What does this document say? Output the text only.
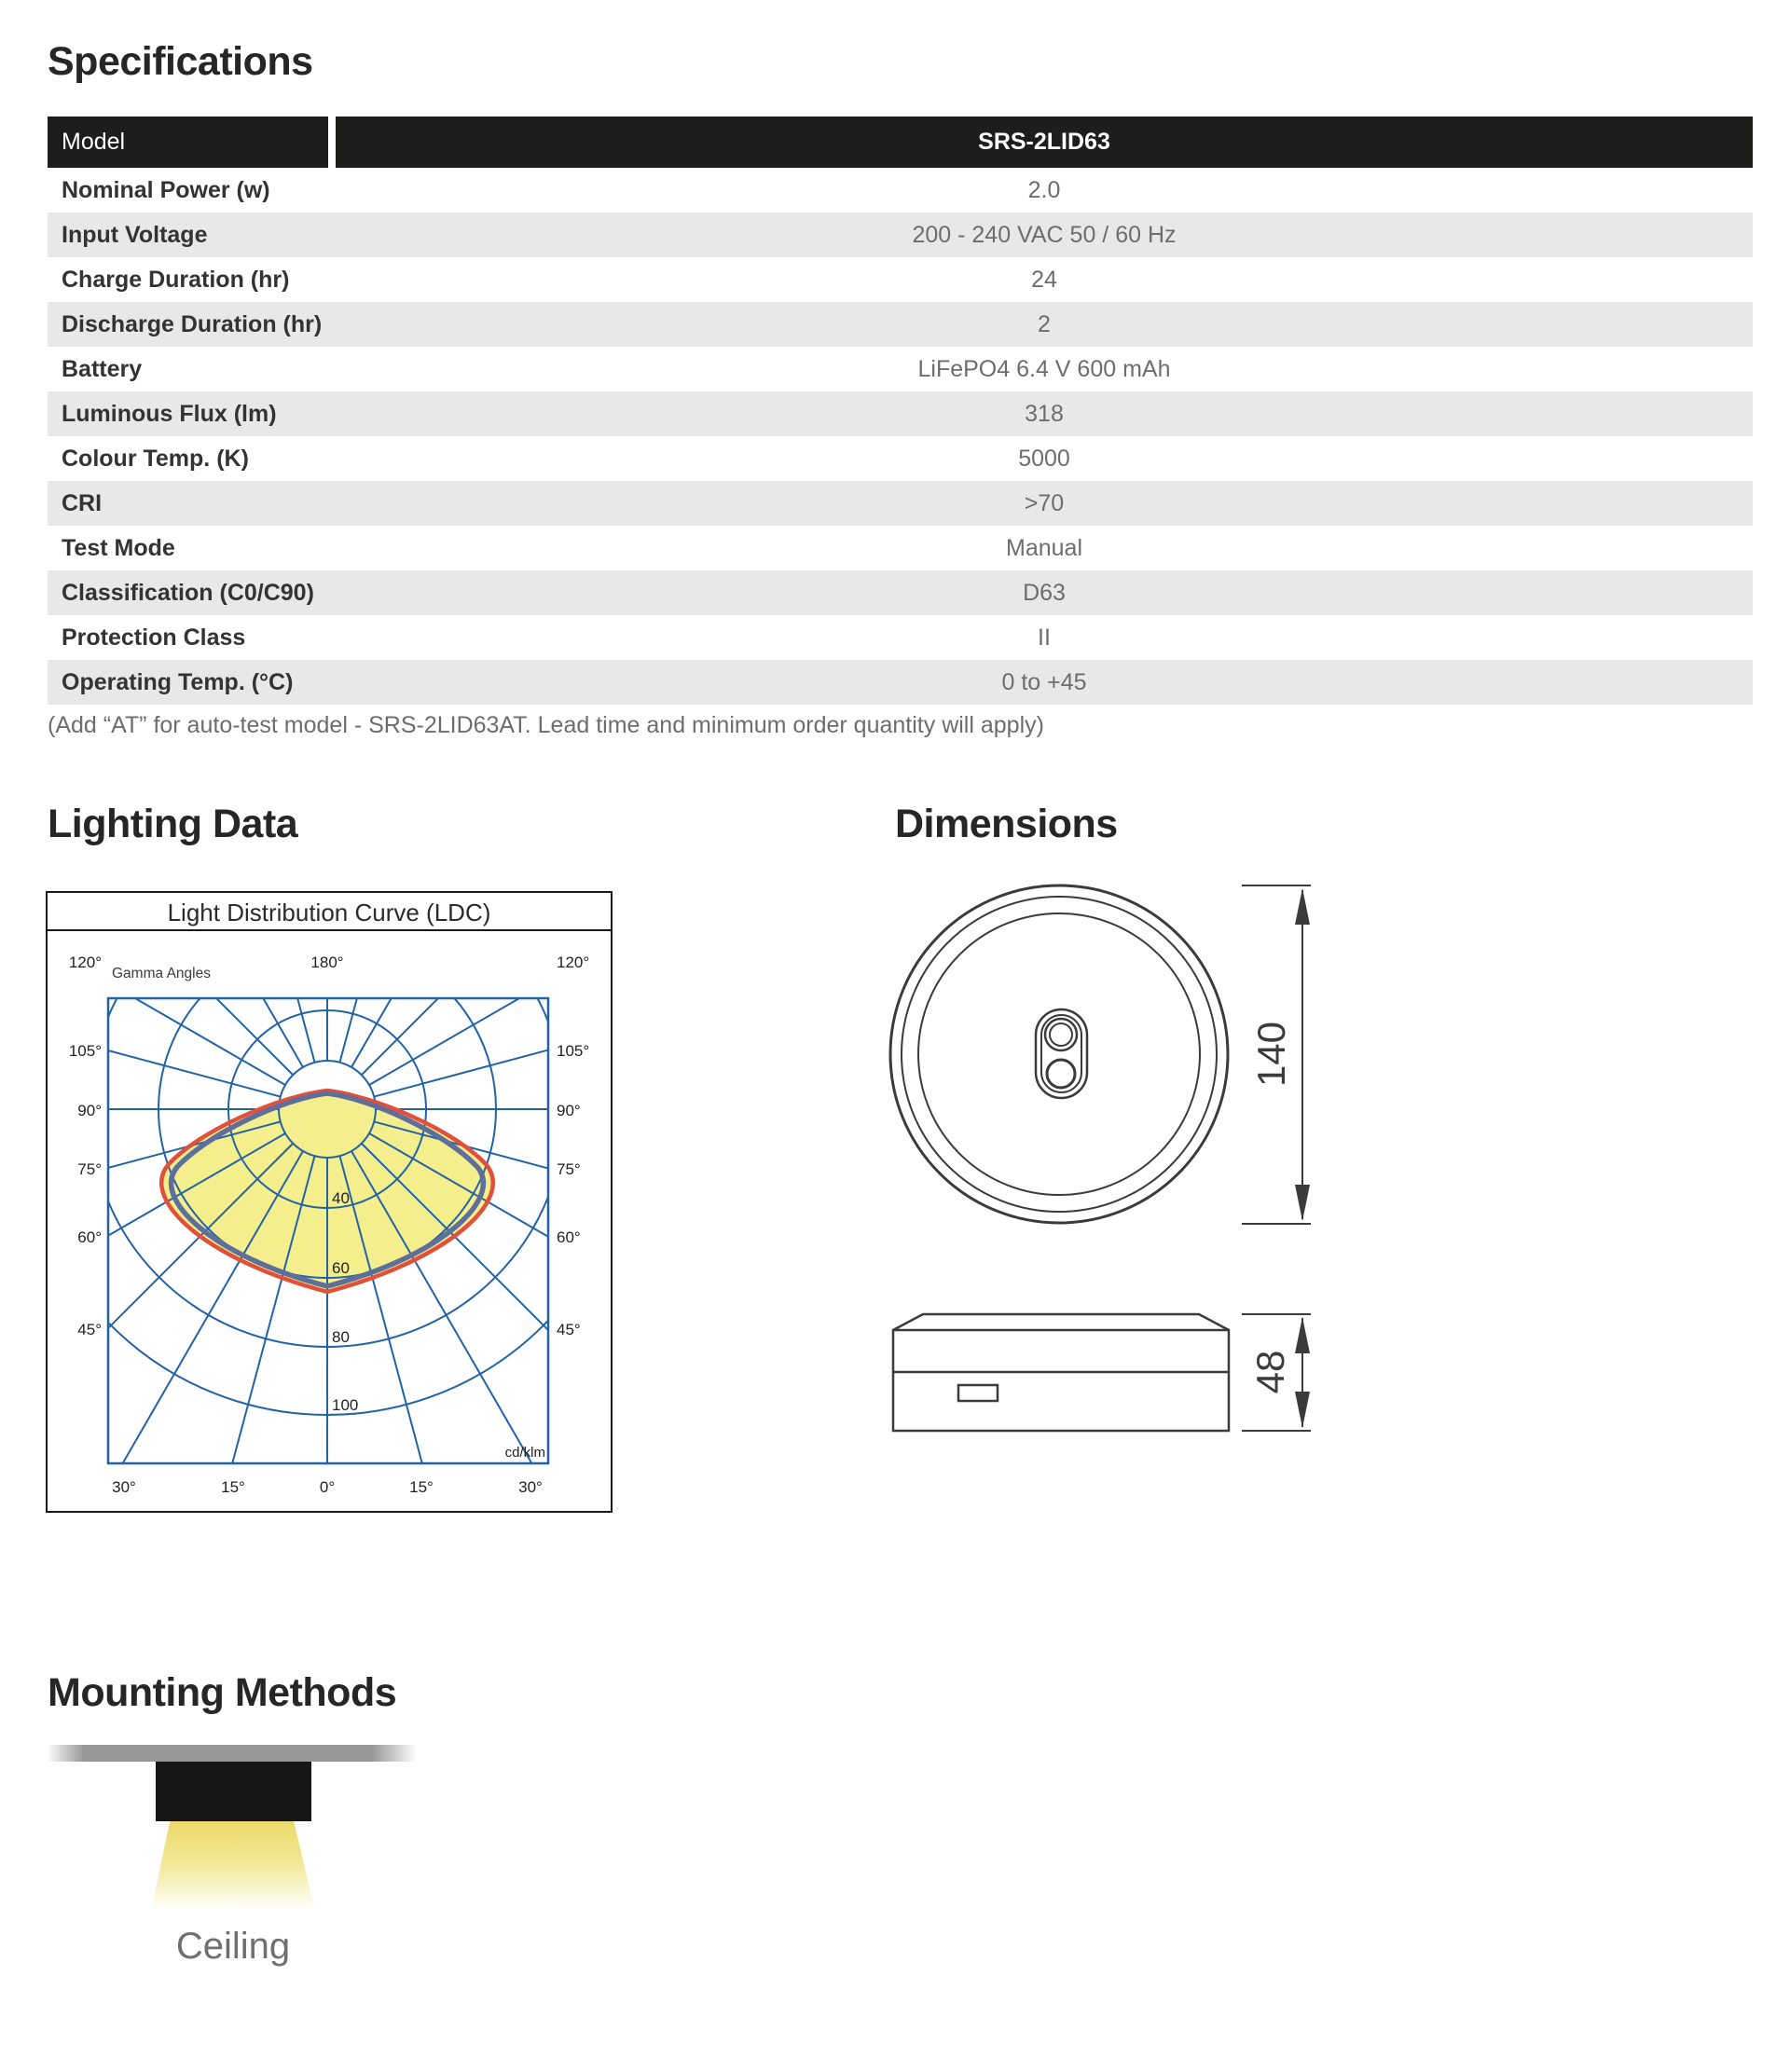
Specifications
Model	SRS-2LID63
Nominal Power (w)	2.0
Input Voltage	200 - 240 VAC 50 / 60 Hz
Charge Duration (hr)	24
Discharge Duration (hr)	2
Battery	LiFePO4 6.4 V 600 mAh
Luminous Flux (lm)	318
Colour Temp. (K)	5000
CRI	>70
Test Mode	Manual
Classification (C0/C90)	D63
Protection Class	II
Operating Temp. (°C)	0 to +45
(Add “AT” for auto-test model - SRS-2LID63AT. Lead time and minimum order quantity will apply)
Lighting Data	Dimensions
Mounting Methods
Light Distribution Curve (LDC)
40
60
80
100
120°	180°	120°
Gamma Angles
105°
90°
75°
60°
45°
105°
90°
75°
60°
45°
30°	15°	0°	15°	30°
cd/klm
140
48
Ceiling
